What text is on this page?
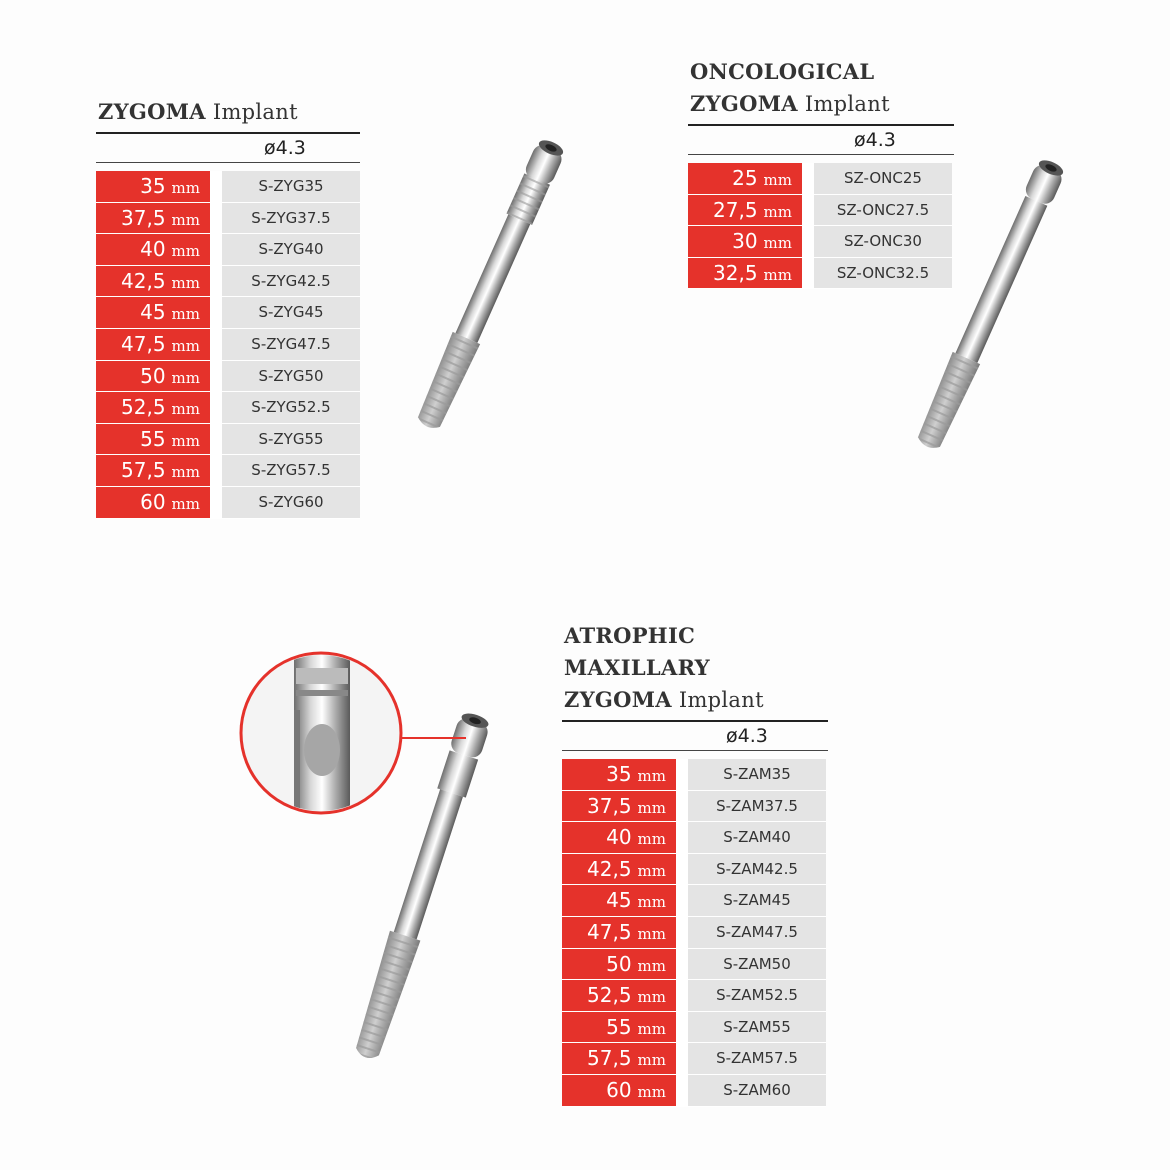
ZYGOMA Implant
ø4.3
35 mm	S-ZYG35
37,5 mm	S-ZYG37.5
40 mm	S-ZYG40
42,5 mm	S-ZYG42.5
45 mm	S-ZYG45
47,5 mm	S-ZYG47.5
50 mm	S-ZYG50
52,5 mm	S-ZYG52.5
55 mm	S-ZYG55
57,5 mm	S-ZYG57.5
60 mm	S-ZYG60
ONCOLOGICAL
ZYGOMA Implant
ø4.3
25 mm	SZ-ONC25
27,5 mm	SZ-ONC27.5
30 mm	SZ-ONC30
32,5 mm	SZ-ONC32.5
ATROPHIC MAXILLARY
ZYGOMA Implant
ø4.3
35 mm	S-ZAM35
37,5 mm	S-ZAM37.5
40 mm	S-ZAM40
42,5 mm	S-ZAM42.5
45 mm	S-ZAM45
47,5 mm	S-ZAM47.5
50 mm	S-ZAM50
52,5 mm	S-ZAM52.5
55 mm	S-ZAM55
57,5 mm	S-ZAM57.5
60 mm	S-ZAM60
